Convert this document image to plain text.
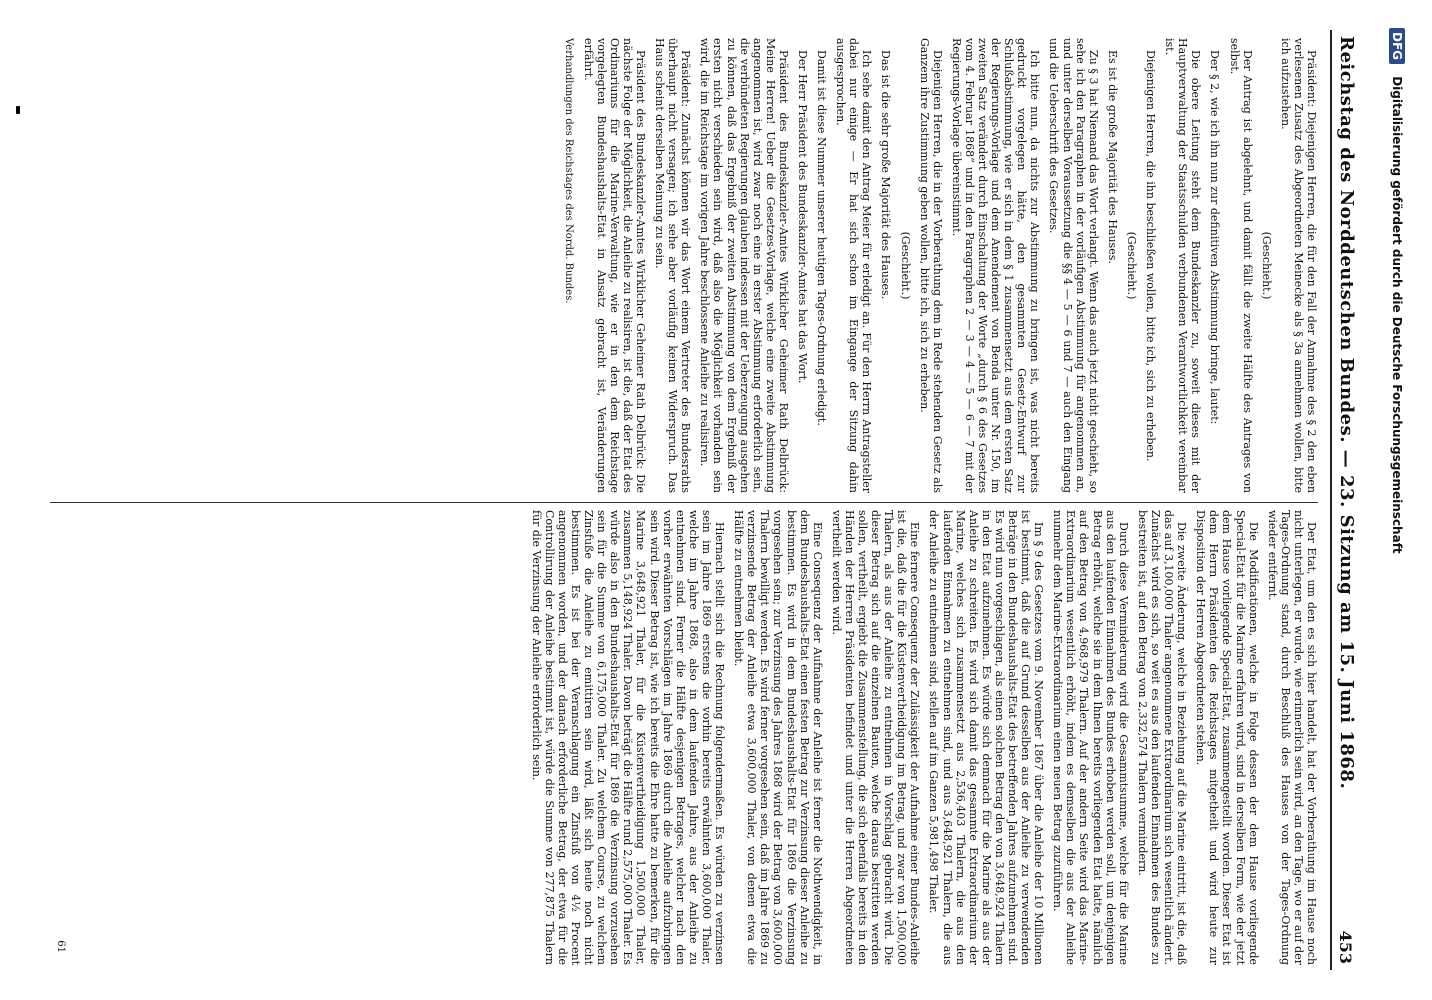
Reichstag des Norddeutschen Bundes. — 23. Sitzung am 15. Juni 1868.
453

Präsident: Diejenigen Herren, die für den Fall der Annahme des § 2 den eben verlesenen Zusatz des Abgeordneten Meinecke als § 3a annehmen wollen, bitte ich aufzustehen.

(Geschieht.)

Der Antrag ist abgelehnt, und damit fällt die zweite Hälfte des Antrages von selbst.

Der § 2, wie ich ihn nun zur definitiven Abstimmung bringe, lautet:

Die obere Leitung steht dem Bundeskanzler zu, soweit dieses mit der Hauptverwaltung der Staatsschulden verbundenen Verantwortlichkeit vereinbar ist.

Diejenigen Herren, die ihn beschließen wollen, bitte ich, sich zu erheben.

(Geschieht.)

Es ist die große Majorität des Hauses.

Zu § 3 hat Niemand das Wort verlangt. Wenn das auch jetzt nicht geschieht, so sehe ich den Paragraphen in der vorläufigen Abstimmung für angenommen an, und unter derselben Voraussetzung die §§ 4 — 5 — 6 und 7 — auch den Eingang und die Ueberschrift des Gesetzes.

Ich bitte nun, da nichts zur Abstimmung zu bringen ist, was nicht bereits gedruckt vorgelegen hätte, den gesammten Gesetz-Entwurf zur Schlußabstimmung, wie er sich in dem § 1 zusammensetzt aus dem ersten Satz der Regierungs-Vorlage und dem Amendement von Benda unter Nr. 150, im zweiten Satz verändert durch Einschaltung der Worte „durch § 6 des Gesetzes vom 4. Februar 1868“ und in den Paragraphen 2 — 3 — 4 — 5 — 6 — 7 mit der Regierungs-Vorlage übereinstimmt.

Diejenigen Herren, die in der Vorberathung dem in Rede stehenden Gesetz als Ganzem ihre Zustimmung geben wollen, bitte ich, sich zu erheben.

(Geschieht.)

Das ist die sehr große Majorität des Hauses.

Ich sehe damit den Antrag Meier für erledigt an. Für den Herrn Antragsteller dabei nur einige — Er hat sich schon im Eingange der Sitzung dahin ausgesprochen.

Damit ist diese Nummer unserer heutigen Tages-Ordnung erledigt.

Der Herr Präsident des Bundeskanzler-Amtes hat das Wort.

Präsident des Bundeskanzler-Amtes Wirklicher Geheimer Rath Delbrück: Meine Herren! Ueber die Gesetzes-Vorlage, welche eine zweite Abstimmung angenommen ist, wird zwar noch eine in erster Abstimmung erforderlich sein, die verbündeten Regierungen glauben indessen mit der Ueberzeugung ausgehen zu können, daß das Ergebniß der zweiten Abstimmung von dem Ergebniß der ersten nicht verschieden sein wird, daß also die Möglichkeit vorhanden sein wird, die im Reichstage im vorigen Jahre beschlossene Anleihe zu realisiren.

Präsident: Zunächst können wir das Wort einem Vertreter des Bundesraths überhaupt nicht versagen; ich sehe aber vorläufig keinen Widerspruch. Das Haus scheint derselben Meinung zu sein.

Präsident des Bundeskanzler-Amtes Wirklicher Geheimer Rath Delbrück: Die nächste Folge der Möglichkeit, die Anleihe zu realisiren, ist die, daß der Etat des Ordinariums für die Marine-Verwaltung, wie er in den dem Reichstage vorgelegten Bundeshaushalts-Etat in Ansatz gebracht ist, Veränderungen erfährt.

Verhandlungen des Reichstages des Nordd. Bundes.

Der Etat, um den es sich hier handelt, hat der Vorberathung im Hause noch nicht unterlegen, er wurde, wie erinnerlich sein wird, an den Tage, wo er auf der Tages-Ordnung stand, durch Beschluß des Hauses von der Tages-Ordnung wieder entfernt.

Die Modificationen, welche in Folge dessen der dem Hause vorliegende Special-Etat für die Marine erfahren wird, sind in derselben Form, wie der jetzt dem Hause vorliegende Special-Etat, zusammengestellt worden. Dieser Etat ist dem Herrn Präsidenten des Reichstages mitgetheilt und wird heute zur Disposition der Herren Abgeordneten stehen.

Die zweite Änderung, welche in Beziehung auf die Marine eintritt, ist die, daß das auf 3,100,000 Thaler angenommene Extraordinarium sich wesentlich ändert. Zunächst wird es sich, so weit es aus den laufenden Einnahmen des Bundes zu bestreiten ist, auf den Betrag von 2,332,574 Thalern vermindern.

Durch diese Verminderung wird die Gesammtsumme, welche für die Marine aus den laufenden Einnahmen des Bundes erhoben werden soll, um denjenigen Betrag erhöht, welche sie in dem Ihnen bereits vorliegenden Etat hatte, nämlich auf den Betrag von 4,968,979 Thalern. Auf der andern Seite wird das Marine-Extraordinarium wesentlich erhöht, indem es demselben die aus der Anleihe nunmehr dem Marine-Extraordinarium einen neuen Betrag zuzuführen.

Im § 9 des Gesetzes vom 9. November 1867 über die Anleihe der 10 Millionen ist bestimmt, daß die auf Grund desselben aus der Anleihe zu verwendenden Beträge in den Bundeshaushalts-Etat des betreffenden Jahres aufzunehmen sind. Es wird nun vorgeschlagen, als einen solchen Betrag den von 3,648,924 Thalern in den Etat aufzunehmen. Es würde sich demnach für die Marine als aus der Anleihe zu schreiten. Es wird sich damit das gesammte Extraordinarium der Marine, welches sich zusammensetzt aus 2,536,403 Thalern, die aus den laufenden Einnahmen zu entnehmen sind, und aus 3,648,921 Thalern, die aus der Anleihe zu entnehmen sind, stellen auf im Ganzen 5,981,498 Thaler.

Eine fernere Consequenz der Zulässigkeit der Aufnahme einer Bundes-Anleihe ist die, daß die für die Küstenvertheidigung im Betrag, und zwar von 1,500,000 Thalern, als aus der Anleihe zu entnehmen in Vorschlag gebracht wird. Die dieser Betrag sich auf die einzelnen Bauten, welche daraus bestritten werden sollen, vertheilt, ergiebt die Zusammenstellung, die sich ebenfalls bereits in den Händen der Herren Präsidenten befindet und unter die Herren Abgeordneten vertheilt werden wird.

Eine Consequenz der Aufnahme der Anleihe ist ferner die Nothwendigkeit, in dem Bundeshaushalts-Etat einen festen Betrag zur Verzinsung dieser Anleihe zu bestimmen. Es wird in dem Bundeshaushalts-Etat für 1869 die Verzinsung vorgesehen sein; zur Verzinsung des Jahres 1868 wird der Betrag von 3,600,000 Thalern bewilligt werden. Es wird ferner vorgesehen sein, daß im Jahre 1869 zu verzinsende Betrag der Anleihe etwa 3,600,000 Thaler, von denen etwa die Hälfte zu entnehmen bleibt.

Hiernach stellt sich die Rechnung folgendermaßen. Es würden zu verzinsen sein im Jahre 1869 erstens die vorhin bereits erwähnten 3,600,000 Thaler, welche im Jahre 1868, also in dem laufenden Jahre, aus der Anleihe zu entnehmen sind. Ferner die Hälfte desjenigen Betrages, welcher nach den vorher erwähnten Vorschlägen im Jahre 1869 durch die Anleihe aufzubringen sein wird. Dieser Betrag ist, wie ich bereits die Ehre hatte zu bemerken, für die Marine 3,648,921 Thaler, für die Küstenvertheidigung 1,500,000 Thaler, zusammen 5,148,924 Thaler. Davon beträgt die Hälfte rund 2,575,000 Thaler. Es würde also in den Bundeshaushalts-Etat für 1869 die Verzinsung vorzusehen sein für die Summe von 6,175,000 Thaler. Zu welchem Course, zu welchem Zinsfuße die Anleihe zu emittiren sein wird, läßt sich heute noch nicht bestimmen. Es ist bei der Veranschlagung ein Zinsfuß von 4½ Procent angenommen worden, und der danach erforderliche Betrag, der etwa für die Controllirung der Anleihe bestimmt ist, würde die Summe von 277,875 Thalern für die Verzinsung der Anleihe erforderlich sein.

61
DFG Digitalisierung gefördert durch die Deutsche Forschungsgemeinschaft
